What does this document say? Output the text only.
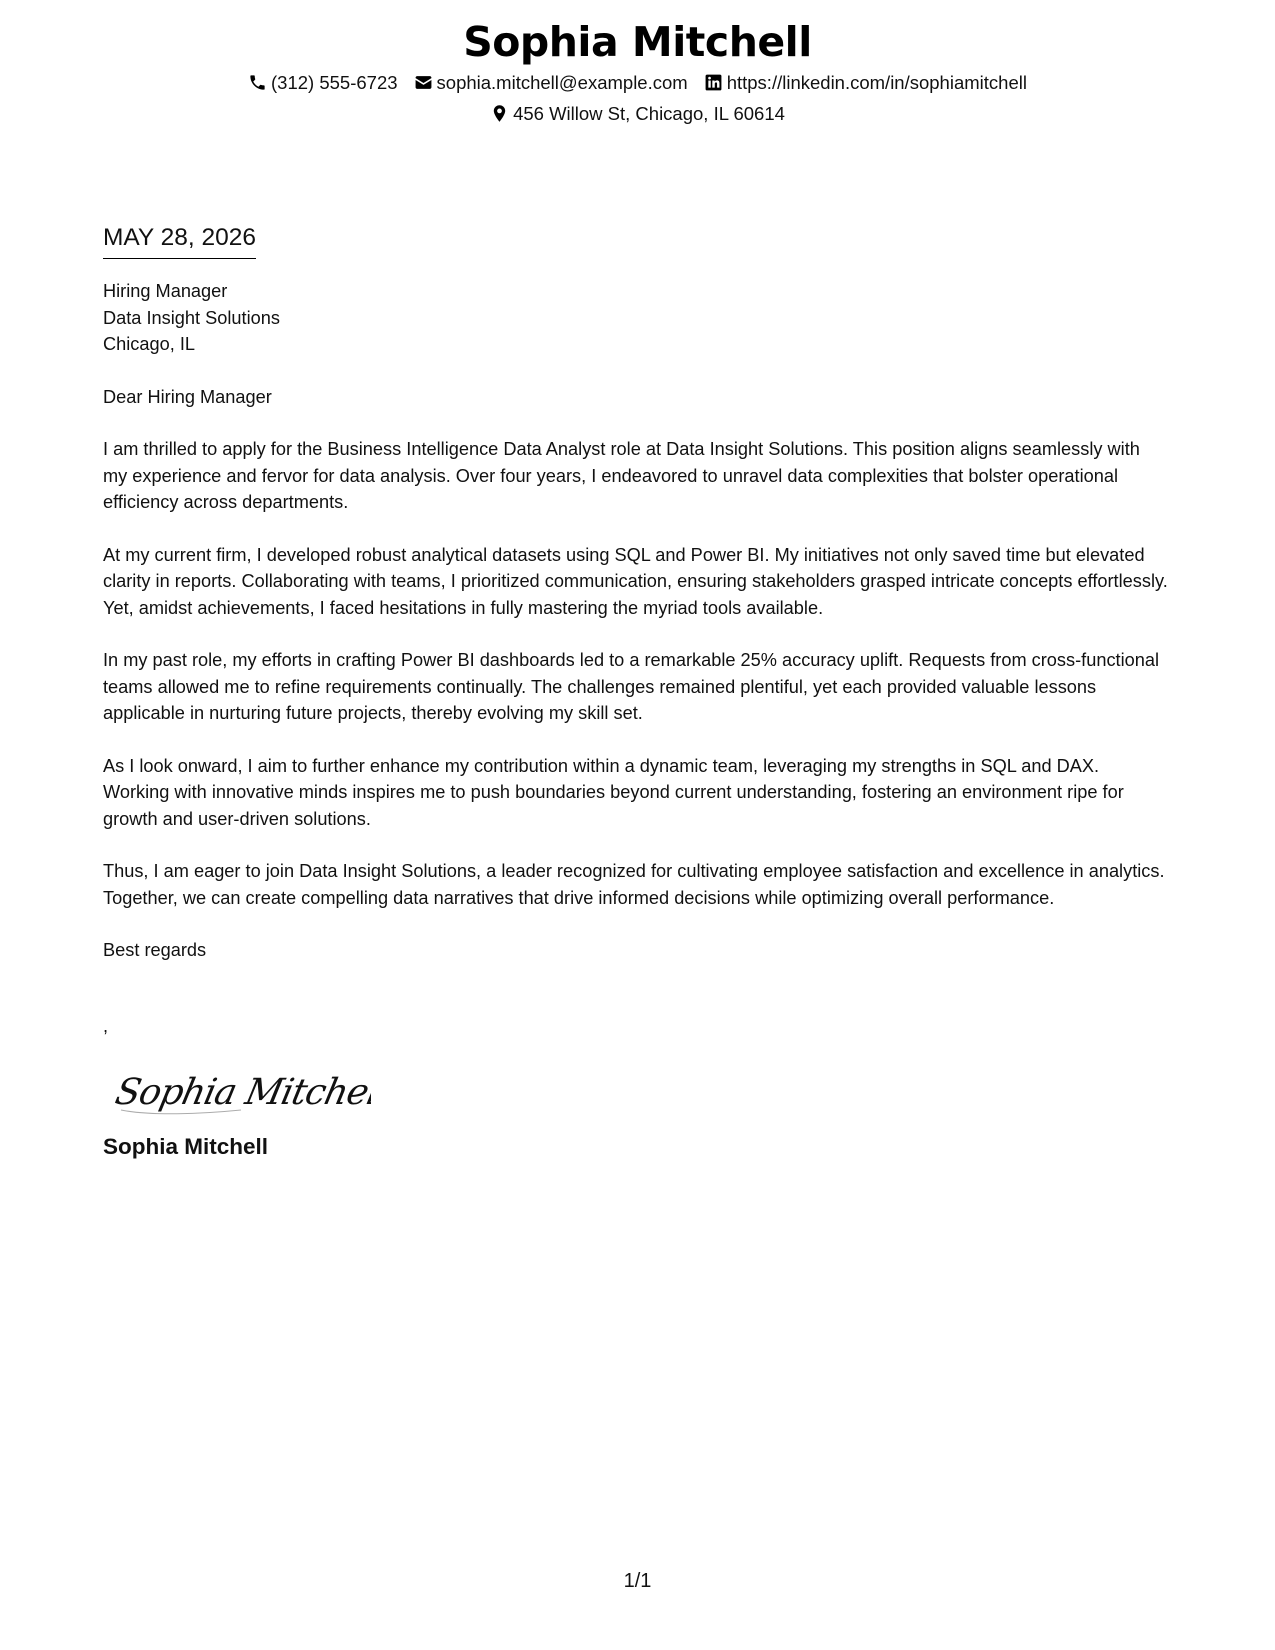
Sophia Mitchell
(312) 555-6723 sophia.mitchell@example.com https://linkedin.com/in/sophiamitchell
456 Willow St, Chicago, IL 60614
MAY 28, 2026
Hiring Manager
Data Insight Solutions
Chicago, IL
Dear Hiring Manager

I am thrilled to apply for the Business Intelligence Data Analyst role at Data Insight Solutions. This position aligns seamlessly with my experience and fervor for data analysis. Over four years, I endeavored to unravel data complexities that bolster operational efficiency across departments.

At my current firm, I developed robust analytical datasets using SQL and Power BI. My initiatives not only saved time but elevated clarity in reports. Collaborating with teams, I prioritized communication, ensuring stakeholders grasped intricate concepts effortlessly. Yet, amidst achievements, I faced hesitations in fully mastering the myriad tools available.

In my past role, my efforts in crafting Power BI dashboards led to a remarkable 25% accuracy uplift. Requests from cross-functional teams allowed me to refine requirements continually. The challenges remained plentiful, yet each provided valuable lessons applicable in nurturing future projects, thereby evolving my skill set.

As I look onward, I aim to further enhance my contribution within a dynamic team, leveraging my strengths in SQL and DAX. Working with innovative minds inspires me to push boundaries beyond current understanding, fostering an environment ripe for growth and user-driven solutions.

Thus, I am eager to join Data Insight Solutions, a leader recognized for cultivating employee satisfaction and excellence in analytics. Together, we can create compelling data narratives that drive informed decisions while optimizing overall performance.

Best regards
,
Sophia Mitchell
Sophia Mitchell
1/1
